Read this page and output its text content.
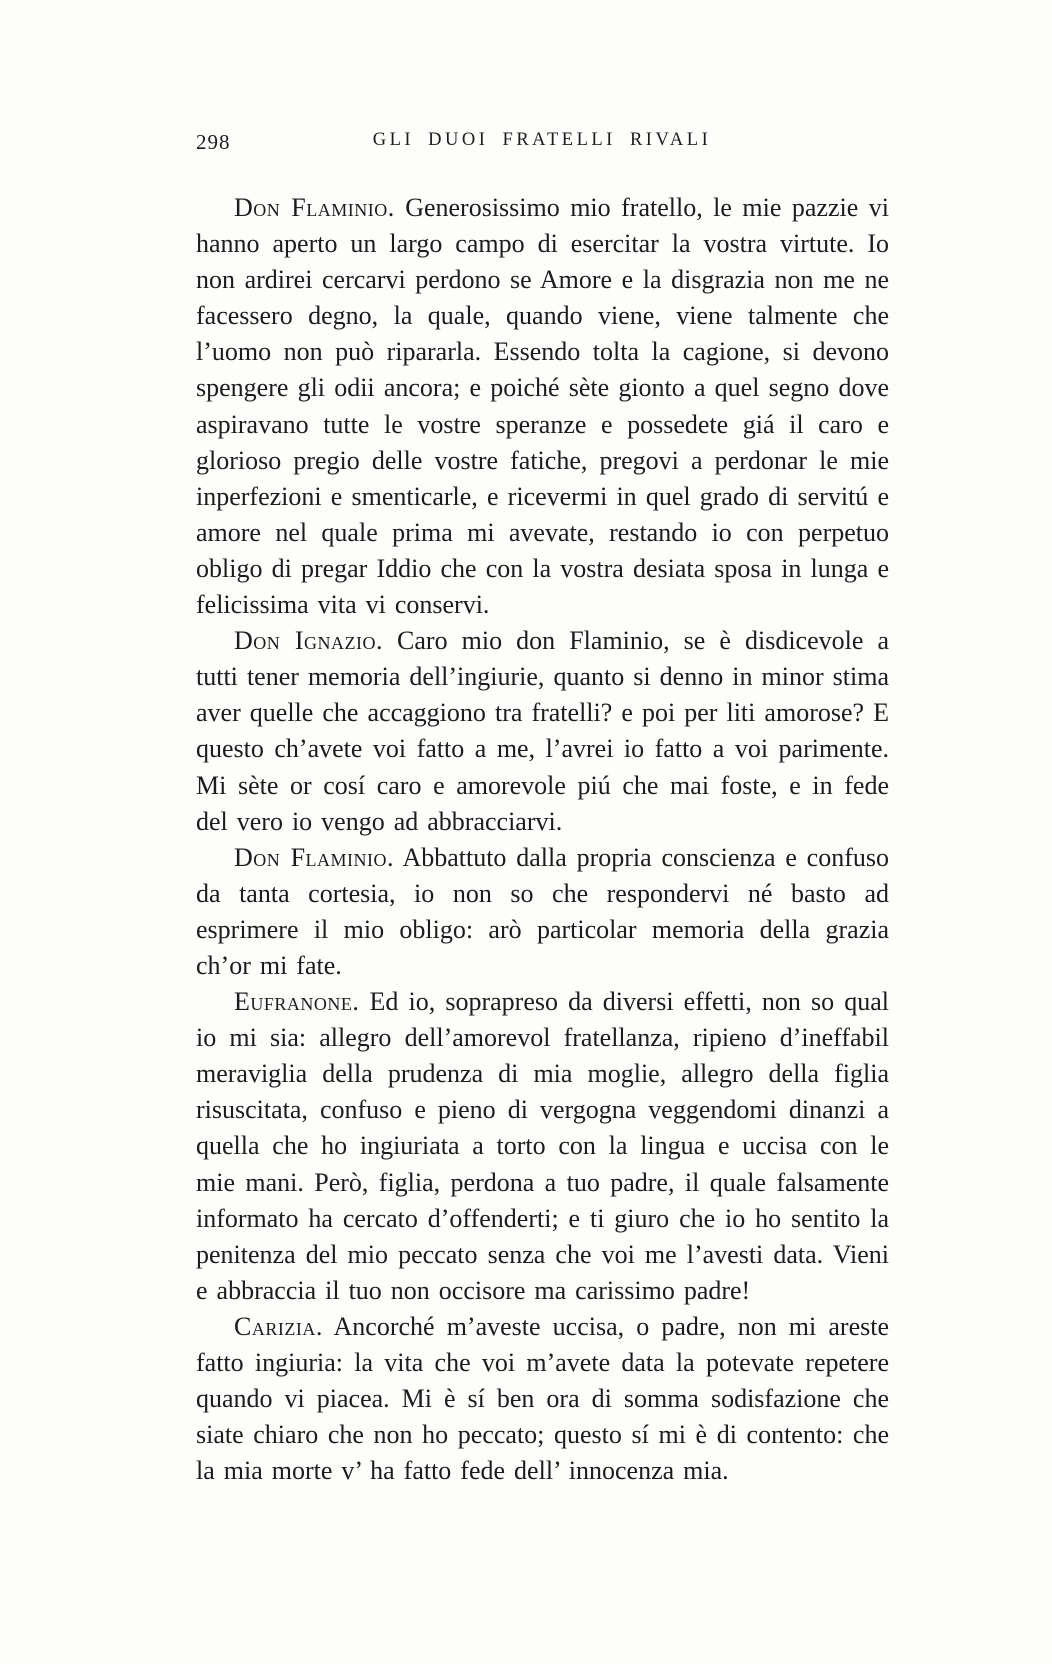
298	GLI DUOI FRATELLI RIVALI

Don Flaminio. Generosissimo mio fratello, le mie pazzie vi hanno aperto un largo campo di esercitar la vostra virtute. Io non ardirei cercarvi perdono se Amore e la disgrazia non me ne facessero degno, la quale, quando viene, viene talmente che l’uomo non può ripararla. Essendo tolta la cagione, si devono spengere gli odii ancora; e poiché sète gionto a quel segno dove aspiravano tutte le vostre speranze e possedete giá il caro e glorioso pregio delle vostre fatiche, pregovi a perdonar le mie inperfezioni e smenticarle, e ricevermi in quel grado di servitú e amore nel quale prima mi avevate, restando io con perpetuo obligo di pregar Iddio che con la vostra desiata sposa in lunga e felicissima vita vi conservi.

Don Ignazio. Caro mio don Flaminio, se è disdicevole a tutti tener memoria dell’ingiurie, quanto si denno in minor stima aver quelle che accaggiono tra fratelli? e poi per liti amorose? E questo ch’avete voi fatto a me, l’avrei io fatto a voi parimente. Mi sète or cosí caro e amorevole piú che mai foste, e in fede del vero io vengo ad abbracciarvi.

Don Flaminio. Abbattuto dalla propria conscienza e confuso da tanta cortesia, io non so che respondervi né basto ad esprimere il mio obligo: arò particolar memoria della grazia ch’or mi fate.

Eufranone. Ed io, soprapreso da diversi effetti, non so qual io mi sia: allegro dell’amorevol fratellanza, ripieno d’ineffabil meraviglia della prudenza di mia moglie, allegro della figlia risuscitata, confuso e pieno di vergogna veggendomi dinanzi a quella che ho ingiuriata a torto con la lingua e uccisa con le mie mani. Però, figlia, perdona a tuo padre, il quale falsamente informato ha cercato d’offenderti; e ti giuro che io ho sentito la penitenza del mio peccato senza che voi me l’avesti data. Vieni e abbraccia il tuo non occisore ma carissimo padre!

Carizia. Ancorché m’aveste uccisa, o padre, non mi areste fatto ingiuria: la vita che voi m’avete data la potevate repetere quando vi piacea. Mi è sí ben ora di somma sodisfazione che siate chiaro che non ho peccato; questo sí mi è di contento: che la mia morte v’ ha fatto fede dell’ innocenza mia.
